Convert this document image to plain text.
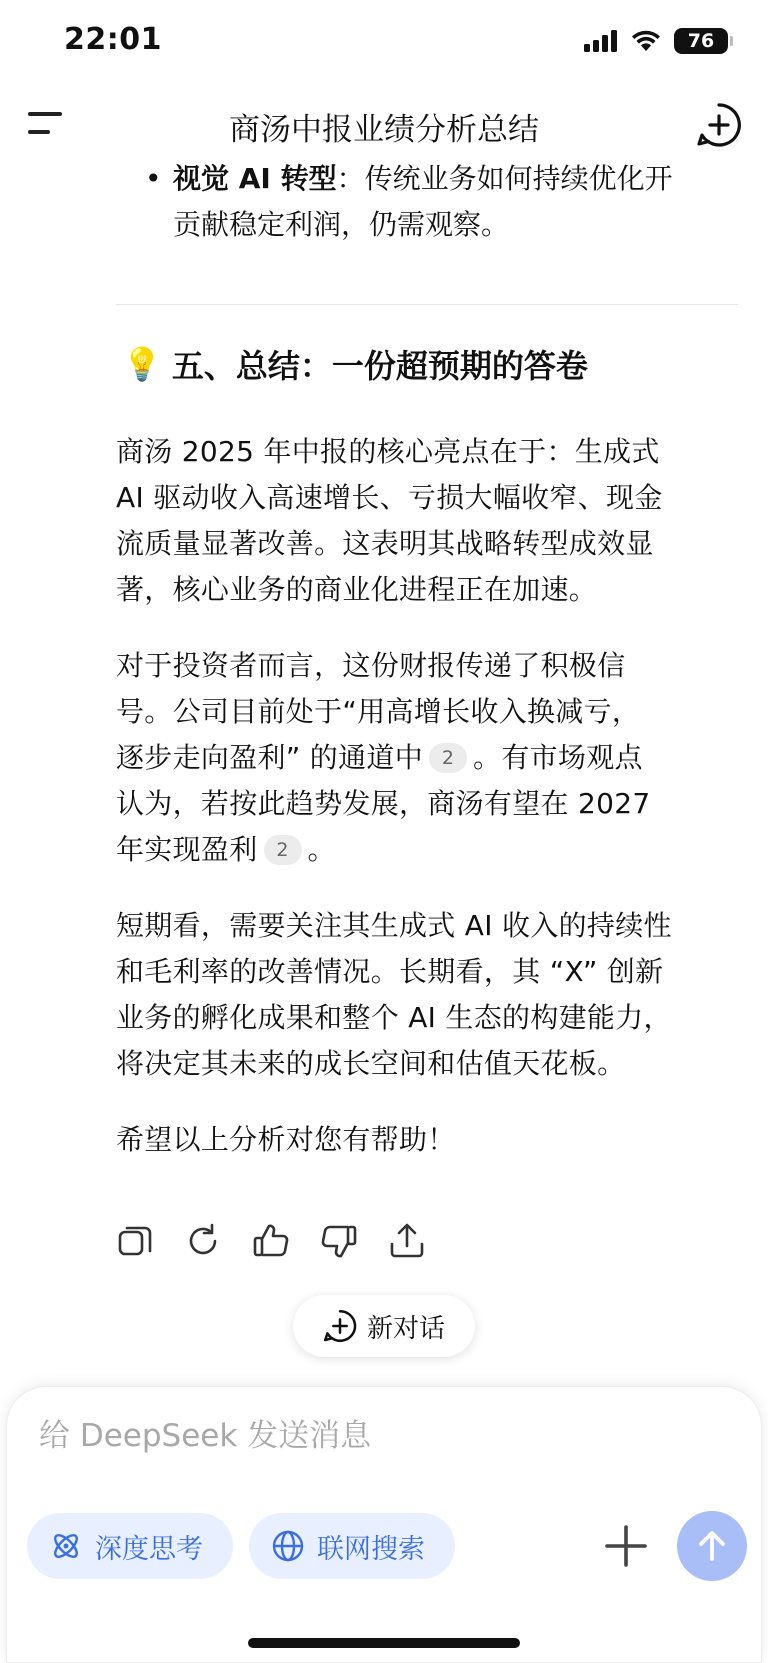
22:01	76
商汤中报业绩分析总结
• 视觉 AI 转型：传统业务如何持续优化开
贡献稳定利润，仍需观察。
💡 五、总结：一份超预期的答卷
商汤 2025 年中报的核心亮点在于：生成式
AI 驱动收入高速增长、亏损大幅收窄、现金
流质量显著改善。这表明其战略转型成效显
著，核心业务的商业化进程正在加速。
对于投资者而言，这份财报传递了积极信
号。公司目前处于“用高增长收入换减亏，
逐步走向盈利” 的通道中 2 。有市场观点
认为，若按此趋势发展，商汤有望在 2027
年实现盈利 2 。
短期看，需要关注其生成式 AI 收入的持续性
和毛利率的改善情况。长期看，其 “X” 创新
业务的孵化成果和整个 AI 生态的构建能力，
将决定其未来的成长空间和估值天花板。
希望以上分析对您有帮助！
新对话
给 DeepSeek 发送消息
深度思考	联网搜索
